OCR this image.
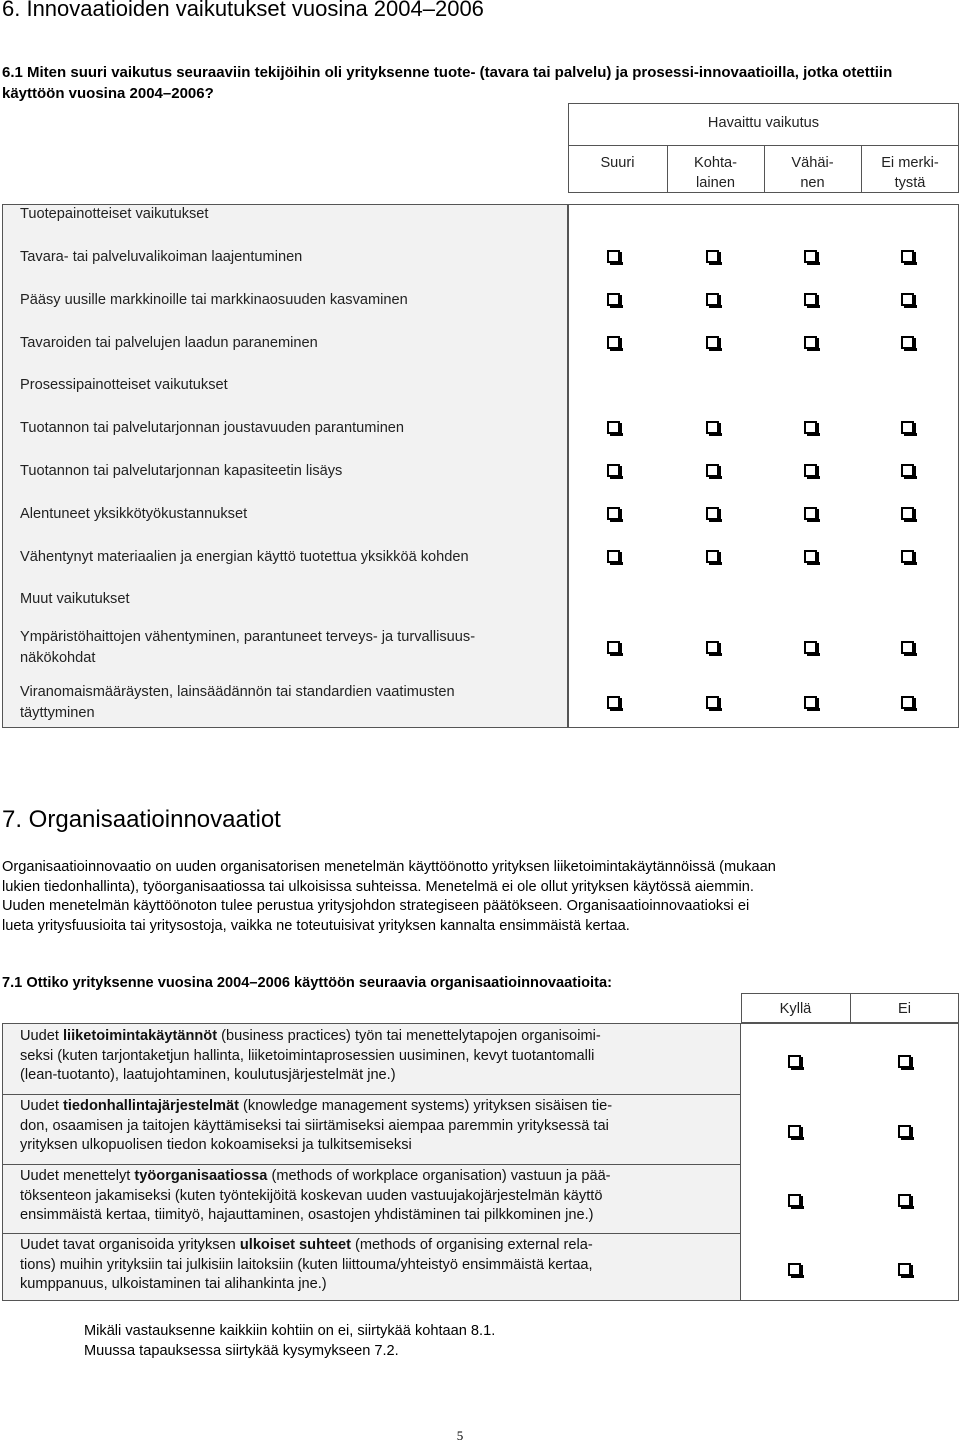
6. Innovaatioiden vaikutukset vuosina 2004–2006
6.1 Miten suuri vaikutus seuraaviin tekijöihin oli yrityksenne tuote- (tavara tai palvelu) ja prosessi-innovaatioilla, jotka otettiin käyttöön vuosina 2004–2006?
Havaittu vaikutus
Suuri	Kohta-
lainen
Vähäi-
nen
Ei merki-
tystä
Tuotepainotteiset vaikutukset
Tavara- tai palveluvalikoiman laajentuminen
Pääsy uusille markkinoille tai markkinaosuuden kasvaminen
Tavaroiden tai palvelujen laadun paraneminen
Prosessipainotteiset vaikutukset
Tuotannon tai palvelutarjonnan joustavuuden parantuminen
Tuotannon tai palvelutarjonnan kapasiteetin lisäys
Alentuneet yksikkötyökustannukset
Vähentynyt materiaalien ja energian käyttö tuotettua yksikköä kohden
Muut vaikutukset
Ympäristöhaittojen vähentyminen, parantuneet terveys- ja turvallisuus-
näkökohdat
Viranomaismääräysten, lainsäädännön tai standardien vaatimusten
täyttyminen
7. Organisaatioinnovaatiot
Organisaatioinnovaatio on uuden organisatorisen menetelmän käyttöönotto yrityksen liiketoimintakäytännöissä (mukaan
lukien tiedonhallinta), työorganisaatiossa tai ulkoisissa suhteissa. Menetelmä ei ole ollut yrityksen käytössä aiemmin.
Uuden menetelmän käyttöönoton tulee perustua yritysjohdon strategiseen päätökseen. Organisaatioinnovaatioksi ei
lueta yritysfuusioita tai yritysostoja, vaikka ne toteutuisivat yrityksen kannalta ensimmäistä kertaa.
7.1 Ottiko yrityksenne vuosina 2004–2006 käyttöön seuraavia organisaatioinnovaatioita:
Kyllä	Ei
Uudet liiketoimintakäytännöt (business practices) työn tai menettelytapojen organisoimi-
seksi (kuten tarjontaketjun hallinta, liiketoimintaprosessien uusiminen, kevyt tuotantomalli
(lean-tuotanto), laatujohtaminen, koulutusjärjestelmät jne.)
Uudet tiedonhallintajärjestelmät (knowledge management systems) yrityksen sisäisen tie-
don, osaamisen ja taitojen käyttämiseksi tai siirtämiseksi aiempaa paremmin yrityksessä tai
yrityksen ulkopuolisen tiedon kokoamiseksi ja tulkitsemiseksi
Uudet menettelyt työorganisaatiossa (methods of workplace organisation) vastuun ja pää-
töksenteon jakamiseksi (kuten työntekijöitä koskevan uuden vastuujakojärjestelmän käyttö
ensimmäistä kertaa, tiimityö, hajauttaminen, osastojen yhdistäminen tai pilkkominen jne.)
Uudet tavat organisoida yrityksen ulkoiset suhteet (methods of organising external rela-
tions) muihin yrityksiin tai julkisiin laitoksiin (kuten liittouma/yhteistyö ensimmäistä kertaa,
kumppanuus, ulkoistaminen tai alihankinta jne.)
Mikäli vastauksenne kaikkiin kohtiin on ei, siirtykää kohtaan 8.1.
Muussa tapauksessa siirtykää kysymykseen 7.2.
5
